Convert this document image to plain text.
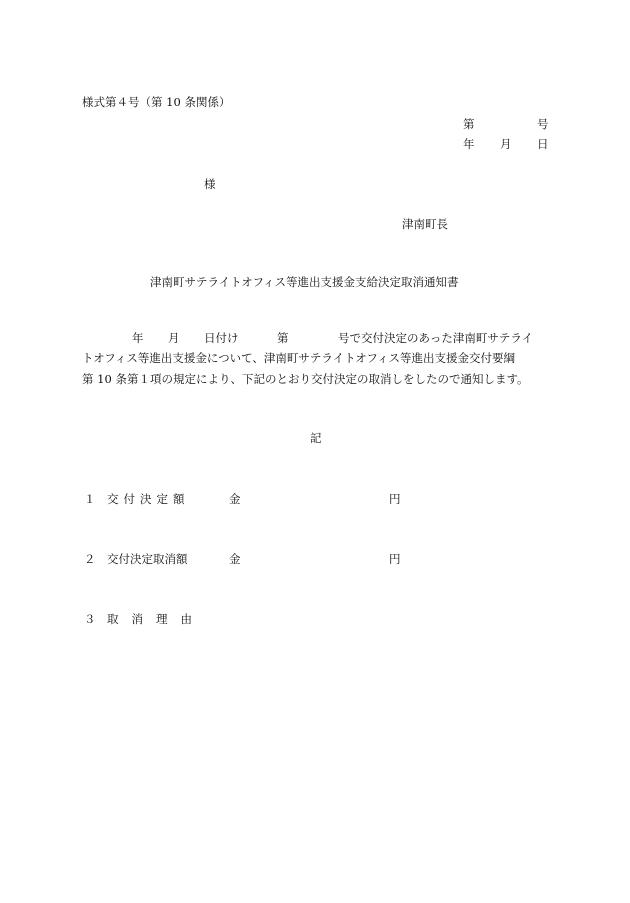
様式第４号（第 10 条関係）
第	号
年 月 日
様
津南町長
津南町サテライトオフィス等進出支援金支給決定取消通知書
年 月 日付け	第	号で交付決定のあった津南町サテライ
トオフィス等進出支援金について、津南町サテライトオフィス等進出支援金交付要綱
第 10 条第１項の規定により、下記のとおり交付決定の取消しをしたので通知します。
記
１ 交付決定額	金	円
２ 交付決定取消額	金	円
３ 取消理由
